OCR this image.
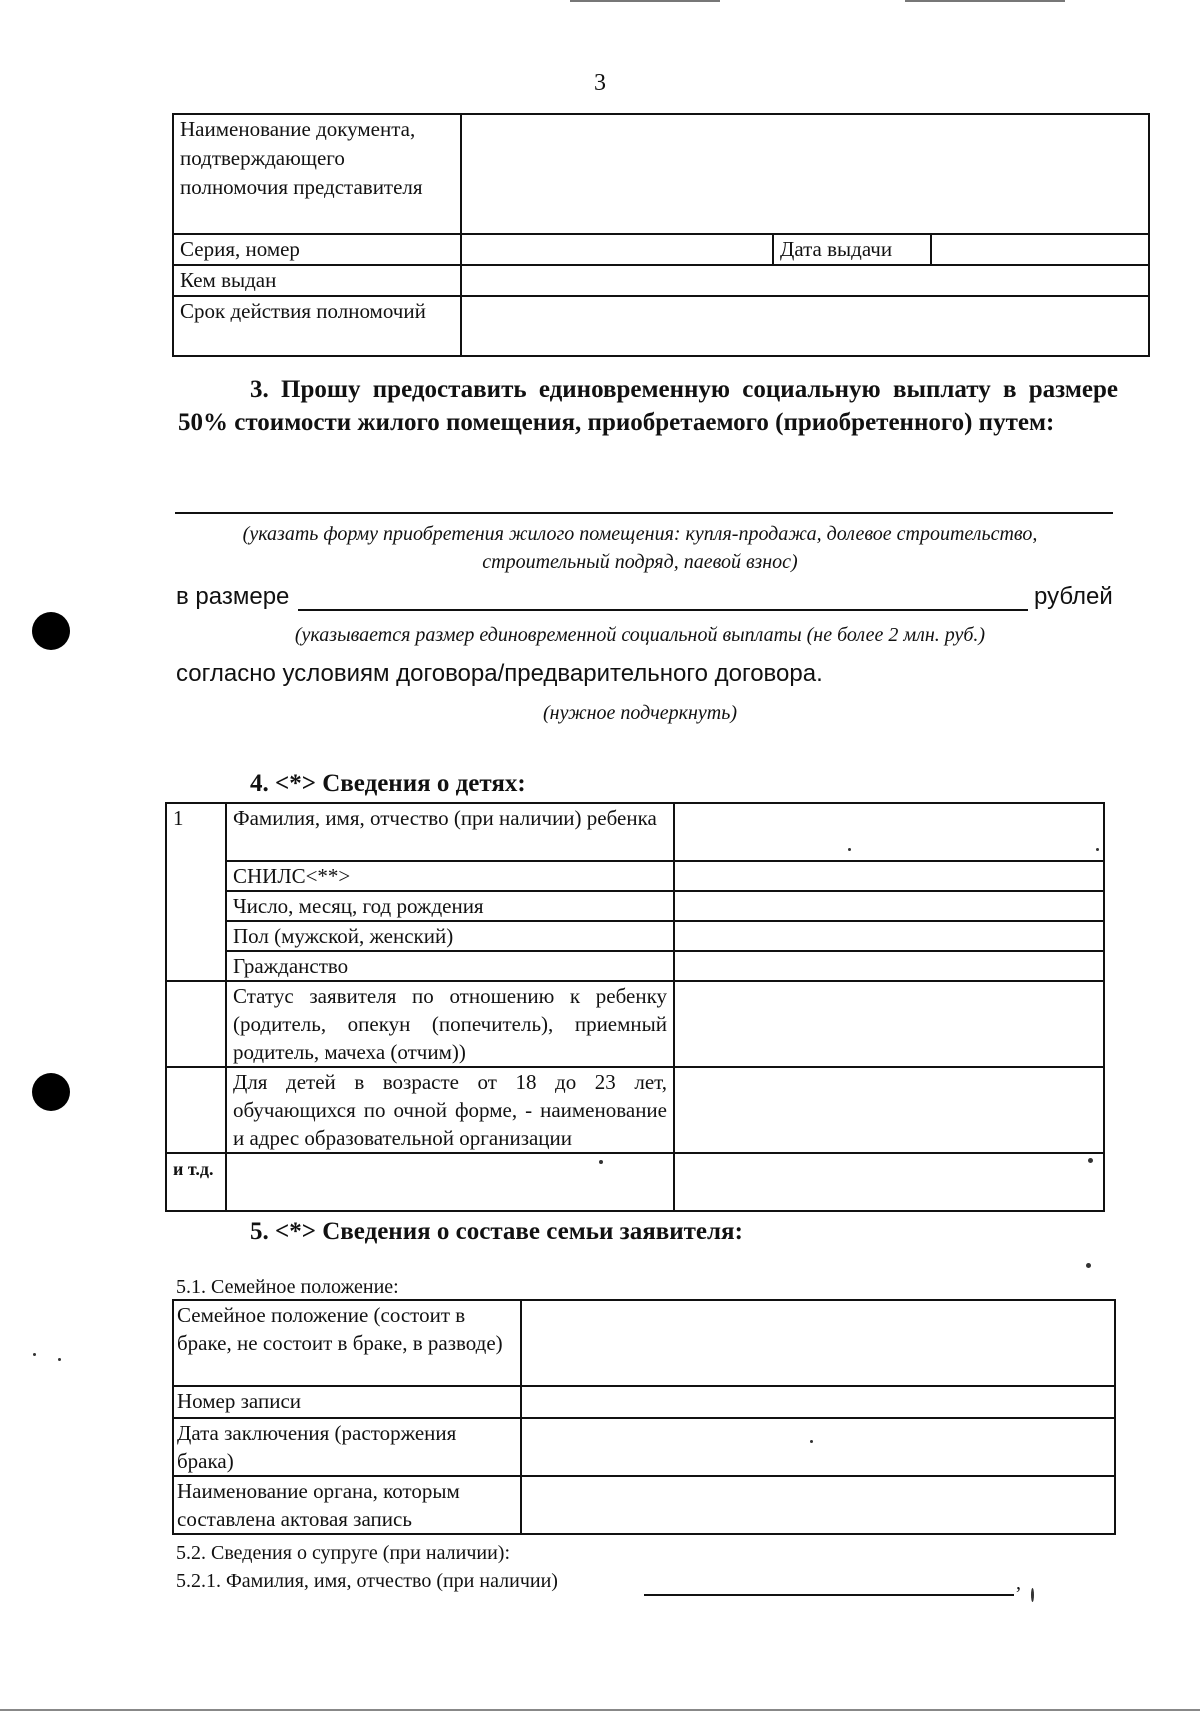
3
Наименование документа, подтверждающего полномочия представителя			
Серия, номер		Дата выдачи	
Кем выдан			
Срок действия полномочий			
3. Прошу предоставить единовременную социальную выплату в размере 50% стоимости жилого помещения, приобретаемого (приобретенного) путем:
(указать форму приобретения жилого помещения: купля-продажа, долевое строительство, строительный подряд, паевой взнос)
в размере	рублей
(указывается размер единовременной социальной выплаты (не более 2 млн. руб.)
согласно условиям договора/предварительного договора.
(нужное подчеркнуть)
4. <*> Сведения о детях:
1	Фамилия, имя, отчество (при наличии) ребенка	
	СНИЛС<**>	
	Число, месяц, год рождения	
	Пол (мужской, женский)	
	Гражданство	
	Статус заявителя по отношению к ребенку (родитель, опекун (попечитель), приемный родитель, мачеха (отчим))	
	Для детей в возрасте от 18 до 23 лет, обучающихся по очной форме, - наименование и адрес образовательной организации	
и т.д.		
5. <*> Сведения о составе семьи заявителя:
5.1. Семейное положение:
Семейное положение (состоит в браке, не состоит в браке, в разводе)	
Номер записи	
Дата заключения (расторжения брака)	
Наименование органа, которым составлена актовая запись	
5.2. Сведения о супруге (при наличии):
5.2.1. Фамилия, имя, отчество (при наличии)	,
